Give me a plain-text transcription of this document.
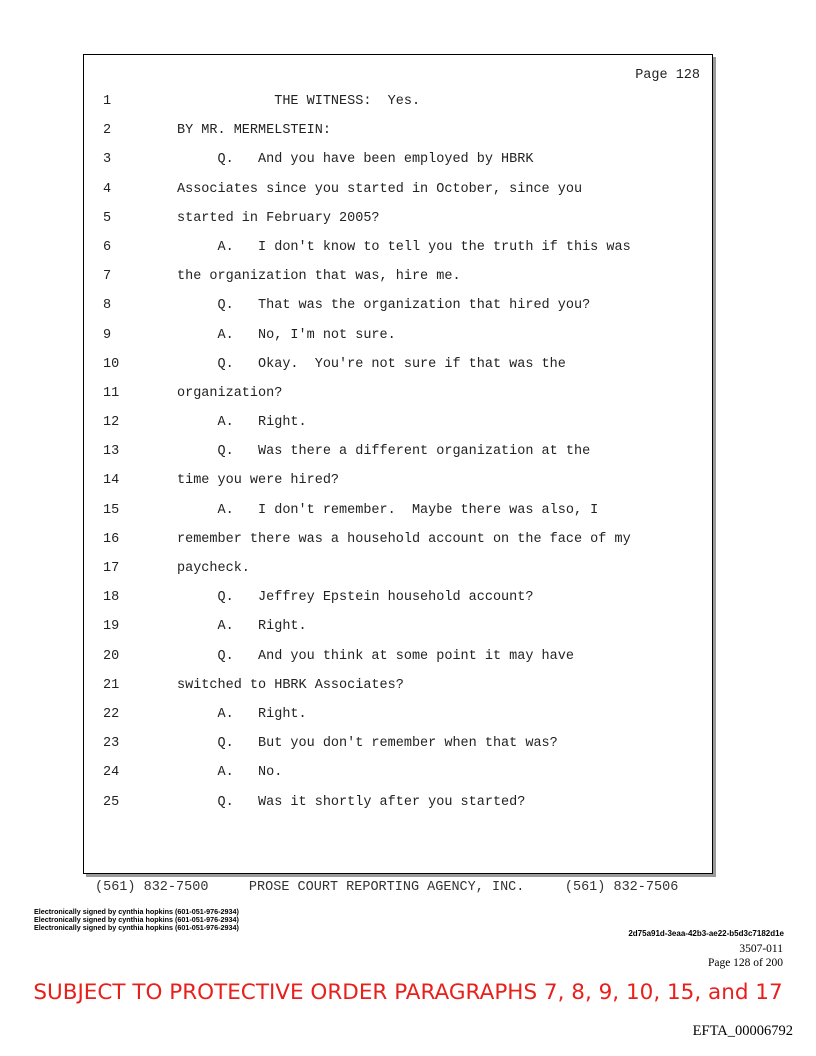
Page 128
1	THE WITNESS:  Yes.
2	BY MR. MERMELSTEIN:
3	Q.   And you have been employed by HBRK
4	Associates since you started in October, since you
5	started in February 2005?
6	A.   I don't know to tell you the truth if this was
7	the organization that was, hire me.
8	Q.   That was the organization that hired you?
9	A.   No, I'm not sure.
10	Q.   Okay.  You're not sure if that was the
11	organization?
12	A.   Right.
13	Q.   Was there a different organization at the
14	time you were hired?
15	A.   I don't remember.  Maybe there was also, I
16	remember there was a household account on the face of my
17	paycheck.
18	Q.   Jeffrey Epstein household account?
19	A.   Right.
20	Q.   And you think at some point it may have
21	switched to HBRK Associates?
22	A.   Right.
23	Q.   But you don't remember when that was?
24	A.   No.
25	Q.   Was it shortly after you started?
(561) 832-7500     PROSE COURT REPORTING AGENCY, INC.     (561) 832-7506
Electronically signed by cynthia hopkins (601-051-976-2934)
Electronically signed by cynthia hopkins (601-051-976-2934)
Electronically signed by cynthia hopkins (601-051-976-2934)
2d75a91d-3eaa-42b3-ae22-b5d3c7182d1e
3507-011
Page 128 of 200
SUBJECT TO PROTECTIVE ORDER PARAGRAPHS 7, 8, 9, 10, 15, and 17
EFTA_00006792
